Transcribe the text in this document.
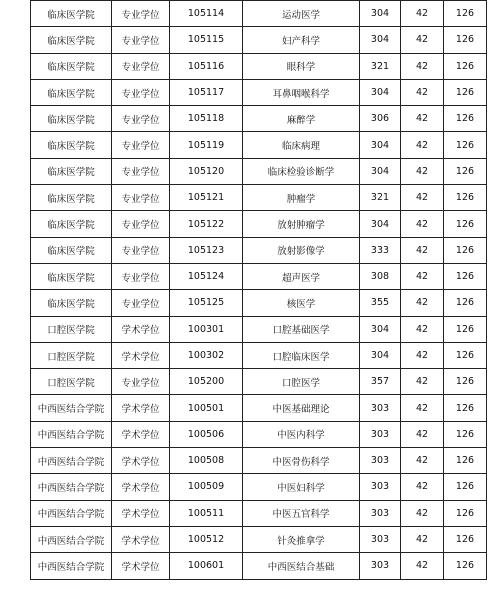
临床医学院	专业学位	105114	运动医学	304	42	126
临床医学院	专业学位	105115	妇产科学	304	42	126
临床医学院	专业学位	105116	眼科学	321	42	126
临床医学院	专业学位	105117	耳鼻咽喉科学	304	42	126
临床医学院	专业学位	105118	麻醉学	306	42	126
临床医学院	专业学位	105119	临床病理	304	42	126
临床医学院	专业学位	105120	临床检验诊断学	304	42	126
临床医学院	专业学位	105121	肿瘤学	321	42	126
临床医学院	专业学位	105122	放射肿瘤学	304	42	126
临床医学院	专业学位	105123	放射影像学	333	42	126
临床医学院	专业学位	105124	超声医学	308	42	126
临床医学院	专业学位	105125	核医学	355	42	126
口腔医学院	学术学位	100301	口腔基础医学	304	42	126
口腔医学院	学术学位	100302	口腔临床医学	304	42	126
口腔医学院	专业学位	105200	口腔医学	357	42	126
中西医结合学院	学术学位	100501	中医基础理论	303	42	126
中西医结合学院	学术学位	100506	中医内科学	303	42	126
中西医结合学院	学术学位	100508	中医骨伤科学	303	42	126
中西医结合学院	学术学位	100509	中医妇科学	303	42	126
中西医结合学院	学术学位	100511	中医五官科学	303	42	126
中西医结合学院	学术学位	100512	针灸推拿学	303	42	126
中西医结合学院	学术学位	100601	中西医结合基础	303	42	126
